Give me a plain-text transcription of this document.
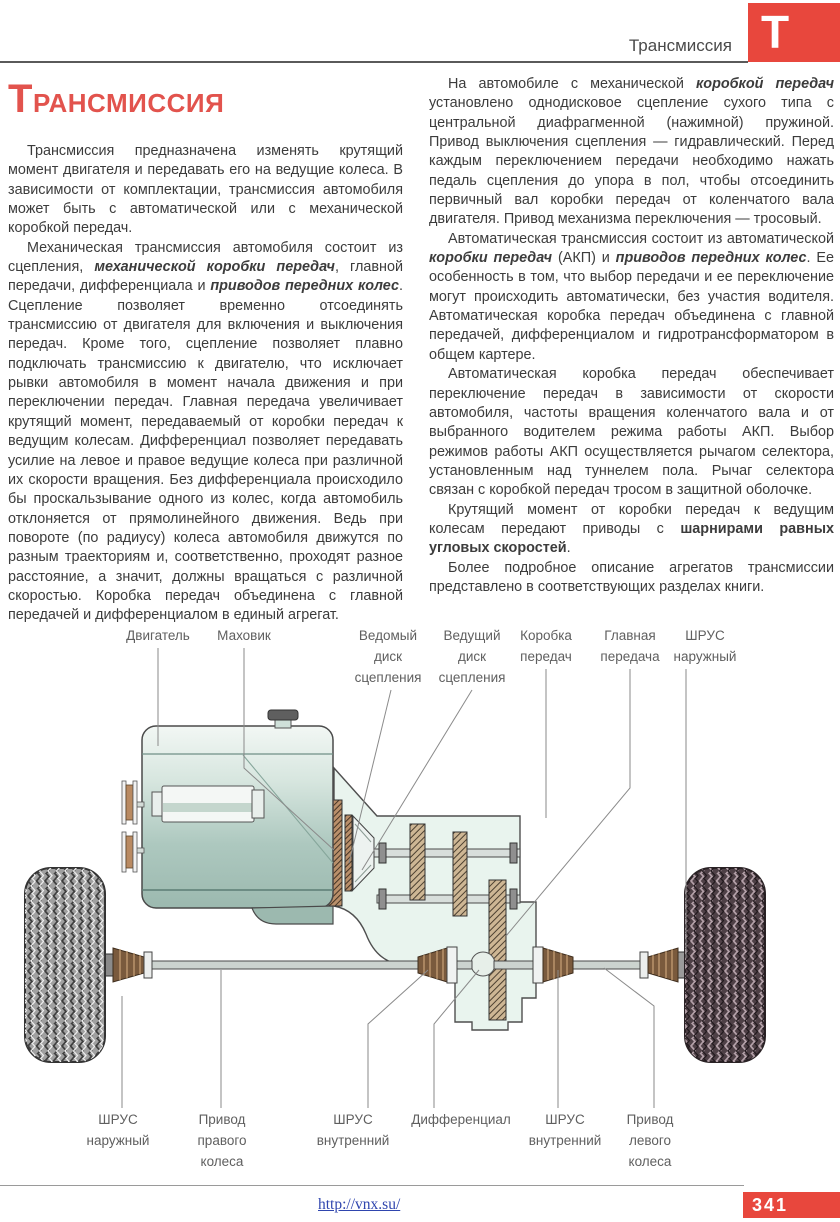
Трансмиссия Т
ТРАНСМИССИЯ

Трансмиссия предназначена изменять крутящий момент двигателя и передавать его на ведущие колеса. В зависимости от комплектации, трансмиссия автомобиля может быть с автоматической или с механической коробкой передач.

Механическая трансмиссия автомобиля состоит из сцепления, механической коробки передач, главной передачи, дифференциала и приводов передних колес. Сцепление позволяет временно отсоединять трансмиссию от двигателя для включения и выключения передач. Кроме того, сцепление позволяет плавно подключать трансмиссию к двигателю, что исключает рывки автомобиля в момент начала движения и при переключении передач. Главная передача увеличивает крутящий момент, передаваемый от коробки передач к ведущим колесам. Дифференциал позволяет передавать усилие на левое и правое ведущие колеса при различной их скорости вращения. Без дифференциала происходило бы проскальзывание одного из колес, когда автомобиль отклоняется от прямолинейного движения. Ведь при повороте (по радиусу) колеса автомобиля движутся по разным траекториям и, соответственно, проходят разное расстояние, а значит, должны вращаться с различной скоростью. Коробка передач объединена с главной передачей и дифференциалом в единый агрегат.

На автомобиле с механической коробкой передач установлено однодисковое сцепление сухого типа с центральной диафрагменной (нажимной) пружиной. Привод выключения сцепления — гидравлический. Перед каждым переключением передачи необходимо нажать педаль сцепления до упора в пол, чтобы отсоединить первичный вал коробки передач от коленчатого вала двигателя. Привод механизма переключения — тросовый.

Автоматическая трансмиссия состоит из автоматической коробки передач (АКП) и приводов передних колес. Ее особенность в том, что выбор передачи и ее переключение могут происходить автоматически, без участия водителя. Автоматическая коробка передач объединена с главной передачей, дифференциалом и гидротрансформатором в общем картере.

Автоматическая коробка передач обеспечивает переключение передач в зависимости от скорости автомобиля, частоты вращения коленчатого вала и от выбранного водителем режима работы АКП. Выбор режимов работы АКП осуществляется рычагом селектора, установленным над туннелем пола. Рычаг селектора связан с коробкой передач тросом в защитной оболочке.

Крутящий момент от коробки передач к ведущим колесам передают приводы с шарнирами равных угловых скоростей.

Более подробное описание агрегатов трансмиссии представлено в соответствующих разделах книги.

Двигатель Маховик	Ведомый
диск
сцепления
Ведущий
диск
сцепления
Коробка
передач
Главная
передача
ШРУС
наружный
ШРУС
наружный
Привод
правого
колеса
ШРУС
внутренний
Дифференциал	ШРУС
внутренний
Привод
левого
колеса
http://vnx.su/	341
